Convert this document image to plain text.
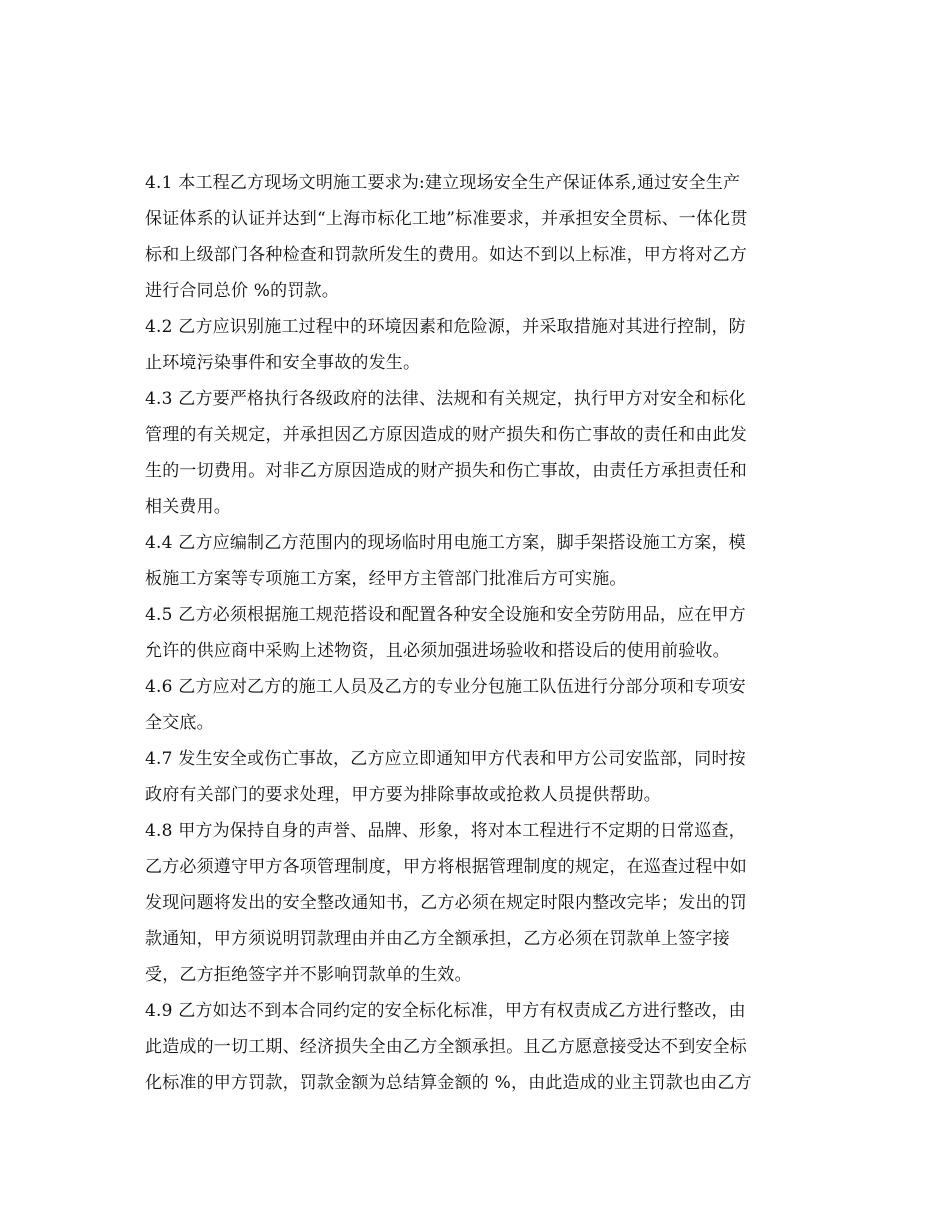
4.1 本工程乙方现场文明施工要求为:建立现场安全生产保证体系,通过安全生产
保证体系的认证并达到“上海市标化工地”标准要求，并承担安全贯标、一体化贯
标和上级部门各种检查和罚款所发生的费用。如达不到以上标准，甲方将对乙方
进行合同总价 %的罚款。
4.2 乙方应识别施工过程中的环境因素和危险源，并采取措施对其进行控制，防
止环境污染事件和安全事故的发生。
4.3 乙方要严格执行各级政府的法律、法规和有关规定，执行甲方对安全和标化
管理的有关规定，并承担因乙方原因造成的财产损失和伤亡事故的责任和由此发
生的一切费用。对非乙方原因造成的财产损失和伤亡事故，由责任方承担责任和
相关费用。
4.4 乙方应编制乙方范围内的现场临时用电施工方案，脚手架搭设施工方案，模
板施工方案等专项施工方案，经甲方主管部门批准后方可实施。
4.5 乙方必须根据施工规范搭设和配置各种安全设施和安全劳防用品，应在甲方
允许的供应商中采购上述物资，且必须加强进场验收和搭设后的使用前验收。
4.6 乙方应对乙方的施工人员及乙方的专业分包施工队伍进行分部分项和专项安
全交底。
4.7 发生安全或伤亡事故，乙方应立即通知甲方代表和甲方公司安监部，同时按
政府有关部门的要求处理，甲方要为排除事故或抢救人员提供帮助。
4.8 甲方为保持自身的声誉、品牌、形象，将对本工程进行不定期的日常巡查，
乙方必须遵守甲方各项管理制度，甲方将根据管理制度的规定，在巡查过程中如
发现问题将发出的安全整改通知书，乙方必须在规定时限内整改完毕；发出的罚
款通知，甲方须说明罚款理由并由乙方全额承担，乙方必须在罚款单上签字接
受，乙方拒绝签字并不影响罚款单的生效。
4.9 乙方如达不到本合同约定的安全标化标准，甲方有权责成乙方进行整改，由
此造成的一切工期、经济损失全由乙方全额承担。且乙方愿意接受达不到安全标
化标准的甲方罚款，罚款金额为总结算金额的 %，由此造成的业主罚款也由乙方
